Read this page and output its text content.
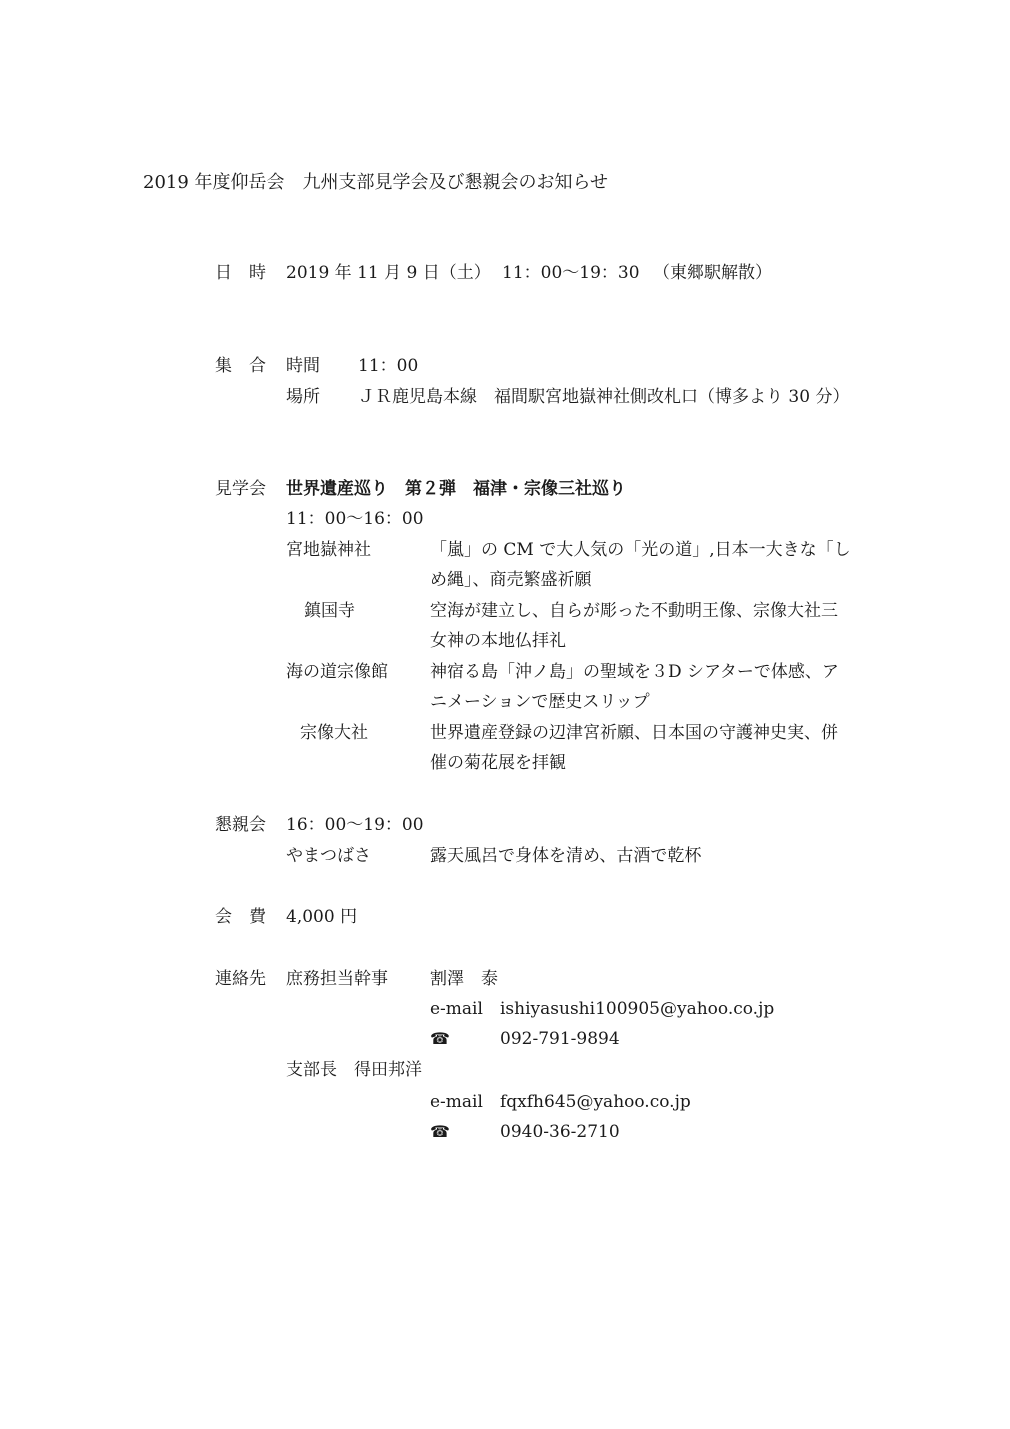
2019 年度仰岳会　九州支部見学会及び懇親会のお知らせ
日　時 2019 年 11 月 9 日（土） 11：00〜19：30 （東郷駅解散）
集　合 時間 11：00
場所 ＪＲ鹿児島本線　福間駅宮地嶽神社側改札口（博多より 30 分）
見学会 世界遺産巡り　第２弾　福津・宗像三社巡り
11：00〜16：00
宮地嶽神社	「嵐」の CM で大人気の「光の道」,日本一大きな「し
め縄」、商売繁盛祈願
鎮国寺	空海が建立し、自らが彫った不動明王像、宗像大社三
女神の本地仏拝礼
海の道宗像館 神宿る島「沖ノ島」の聖域を３D シアターで体感、ア
ニメーションで歴史スリップ
宗像大社	世界遺産登録の辺津宮祈願、日本国の守護神史実、併
催の菊花展を拝観
懇親会 16：00〜19：00
やまつばさ	露天風呂で身体を清め、古酒で乾杯
会　費 4,000 円
連絡先 庶務担当幹事 割澤　泰
e-mail ishiyasushi100905@yahoo.co.jp
☎	092-791-9894
支部長　得田邦洋
e-mail fqxfh645@yahoo.co.jp
☎	0940-36-2710
